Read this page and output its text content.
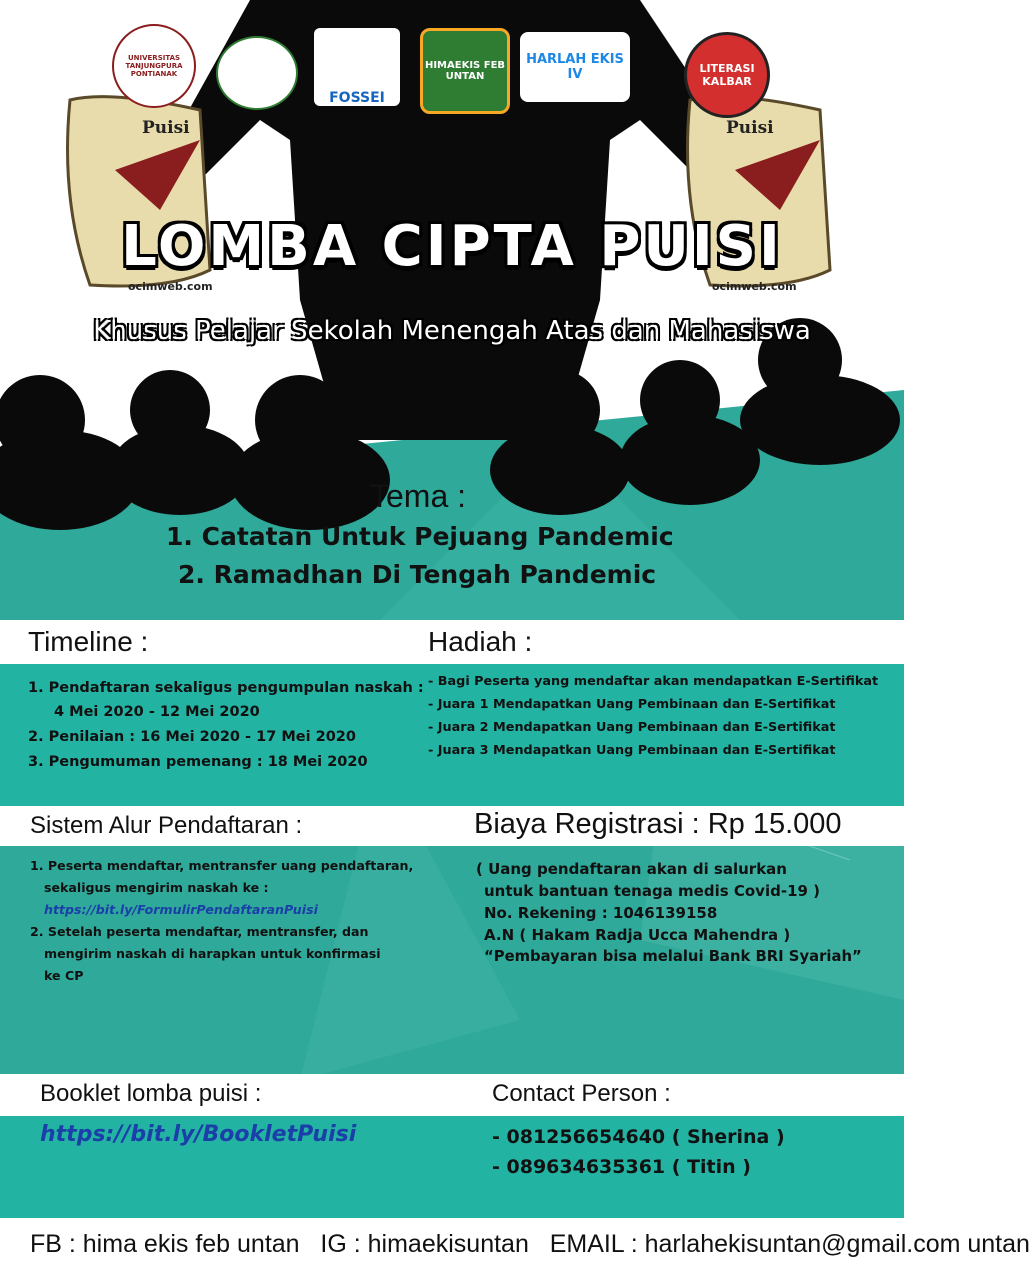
UNIVERSITAS TANJUNGPURA PONTIANAK
FOSSEI
HIMAEKIS FEB UNTAN
HARLAH EKIS IV	LITERASI KALBAR
Puisi
ocimweb.com
Puisi
ocimweb.com
LOMBA CIPTA PUISI
Khusus Pelajar Sekolah Menengah Atas dan Mahasiswa
Tema :
1. Catatan Untuk Pejuang Pandemic
2. Ramadhan Di Tengah Pandemic
Timeline :	Hadiah :
1. Pendaftaran sekaligus pengumpulan naskah :
4 Mei 2020 - 12 Mei 2020
2. Penilaian : 16 Mei 2020 - 17 Mei 2020
3. Pengumuman pemenang : 18 Mei 2020
- Bagi Peserta yang mendaftar akan mendapatkan E-Sertifikat
- Juara 1 Mendapatkan Uang Pembinaan dan E-Sertifikat
- Juara 2 Mendapatkan Uang Pembinaan dan E-Sertifikat
- Juara 3 Mendapatkan Uang Pembinaan dan E-Sertifikat
Sistem Alur Pendaftaran :	Biaya Registrasi : Rp 15.000
1. Peserta mendaftar, mentransfer uang pendaftaran,
sekaligus mengirim naskah ke :
https://bit.ly/FormulirPendaftaranPuisi
2. Setelah peserta mendaftar, mentransfer, dan
mengirim naskah di harapkan untuk konfirmasi
ke CP
( Uang pendaftaran akan di salurkan
untuk bantuan tenaga medis Covid-19 )
No. Rekening : 1046139158
A.N ( Hakam Radja Ucca Mahendra )
“Pembayaran bisa melalui Bank BRI Syariah”
Booklet lomba puisi :	Contact Person :
https://bit.ly/BookletPuisi	- 081256654640 ( Sherina )
- 089634635361 ( Titin )
FB : hima ekis feb untan   IG : himaekisuntan   EMAIL : harlahekisuntan@gmail.com untan
